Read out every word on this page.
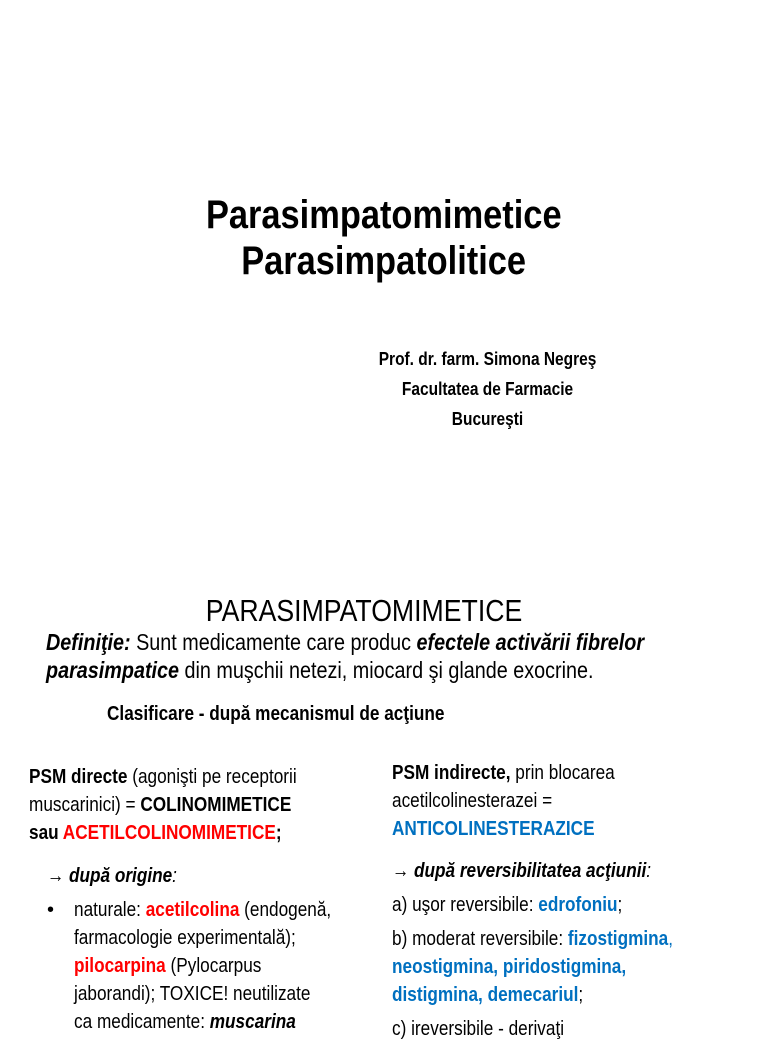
Parasimpatomimetice
Parasimpatolitice
Prof. dr. farm. Simona Negreş
Facultatea de Farmacie
Bucureşti
PARASIMPATOMIMETICE
Definiţie: Sunt medicamente care produc efectele activării fibrelor
parasimpatice din muşchii netezi, miocard şi glande exocrine.
Clasificare - după mecanismul de acţiune
PSM directe (agonişti pe receptorii
muscarinici) = COLINOMIMETICE
sau ACETILCOLINOMIMETICE;
→ după origine:
• naturale: acetilcolina (endogenă,
farmacologie experimentală);
pilocarpina (Pylocarpus
jaborandi); TOXICE! neutilizate
ca medicamente: muscarina
PSM indirecte, prin blocarea
acetilcolinesterazei =
ANTICOLINESTERAZICE
→ după reversibilitatea acţiunii:
a) uşor reversibile: edrofoniu;
b) moderat reversibile: fizostigmina,
neostigmina, piridostigmina,
distigmina, demecariul;
c) ireversibile - derivaţi
